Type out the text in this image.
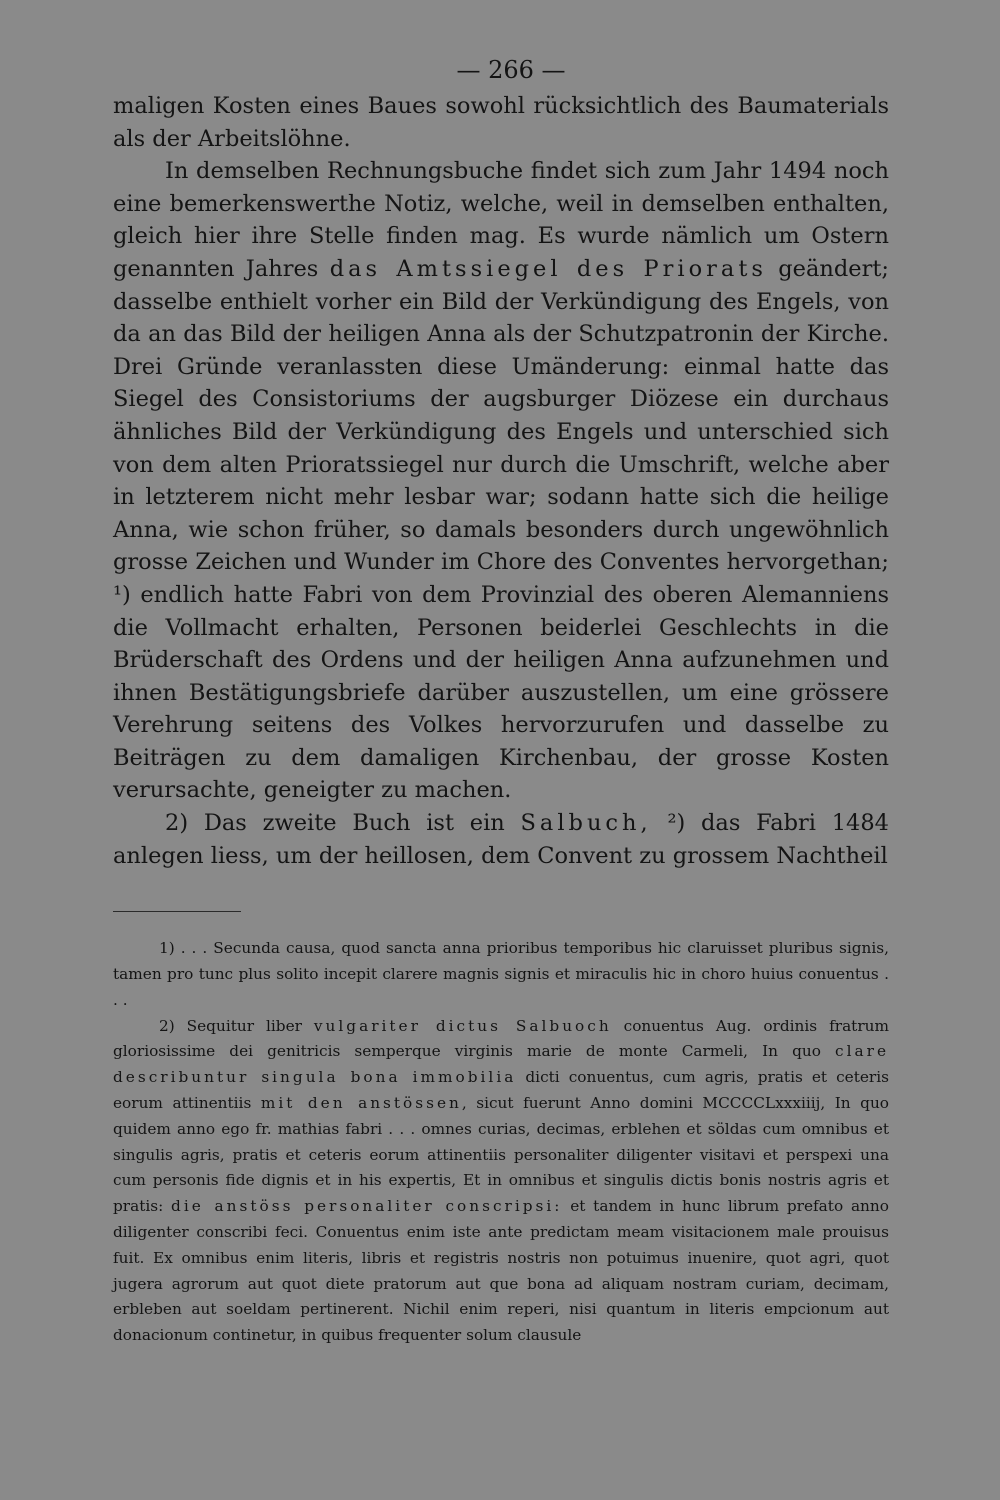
— 266 —

maligen Kosten eines Baues sowohl rücksichtlich des Baumaterials als der Arbeitslöhne.

In demselben Rechnungsbuche findet sich zum Jahr 1494 noch eine bemerkenswerthe Notiz, welche, weil in demselben enthalten, gleich hier ihre Stelle finden mag. Es wurde nämlich um Ostern genannten Jahres das Amtssiegel des Priorats geändert; dasselbe enthielt vorher ein Bild der Verkündigung des Engels, von da an das Bild der heiligen Anna als der Schutzpatronin der Kirche. Drei Gründe veranlassten diese Umänderung: einmal hatte das Siegel des Consistoriums der augsburger Diözese ein durchaus ähnliches Bild der Verkündigung des Engels und unterschied sich von dem alten Prioratssiegel nur durch die Umschrift, welche aber in letzterem nicht mehr lesbar war; sodann hatte sich die heilige Anna, wie schon früher, so damals besonders durch ungewöhnlich grosse Zeichen und Wunder im Chore des Conventes hervorgethan; ¹) endlich hatte Fabri von dem Provinzial des oberen Alemanniens die Vollmacht erhalten, Personen beiderlei Geschlechts in die Brüderschaft des Ordens und der heiligen Anna aufzunehmen und ihnen Bestätigungsbriefe darüber auszustellen, um eine grössere Verehrung seitens des Volkes hervorzurufen und dasselbe zu Beiträgen zu dem damaligen Kirchenbau, der grosse Kosten verursachte, geneigter zu machen.

2) Das zweite Buch ist ein Salbuch, ²) das Fabri 1484 anlegen liess, um der heillosen, dem Convent zu grossem Nachtheil

1) . . . Secunda causa, quod sancta anna prioribus temporibus hic claruisset pluribus signis, tamen pro tunc plus solito incepit clarere magnis signis et miraculis hic in choro huius conuentus . . .

2) Sequitur liber vulgariter dictus Salbuoch conuentus Aug. ordinis fratrum gloriosissime dei genitricis semperque virginis marie de monte Carmeli, In quo clare describuntur singula bona immobilia dicti conuentus, cum agris, pratis et ceteris eorum attinentiis mit den anstössen, sicut fuerunt Anno domini MCCCCLxxxiiij, In quo quidem anno ego fr. mathias fabri . . . omnes curias, decimas, erblehen et söldas cum omnibus et singulis agris, pratis et ceteris eorum attinentiis personaliter diligenter visitavi et perspexi una cum personis fide dignis et in his expertis, Et in omnibus et singulis dictis bonis nostris agris et pratis: die anstöss personaliter conscripsi: et tandem in hunc librum prefato anno diligenter conscribi feci. Conuentus enim iste ante predictam meam visitacionem male prouisus fuit. Ex omnibus enim literis, libris et registris nostris non potuimus inuenire, quot agri, quot jugera agrorum aut quot diete pratorum aut que bona ad aliquam nostram curiam, decimam, erbleben aut soeldam pertinerent. Nichil enim reperi, nisi quantum in literis empcionum aut donacionum continetur, in quibus frequenter solum clausule
